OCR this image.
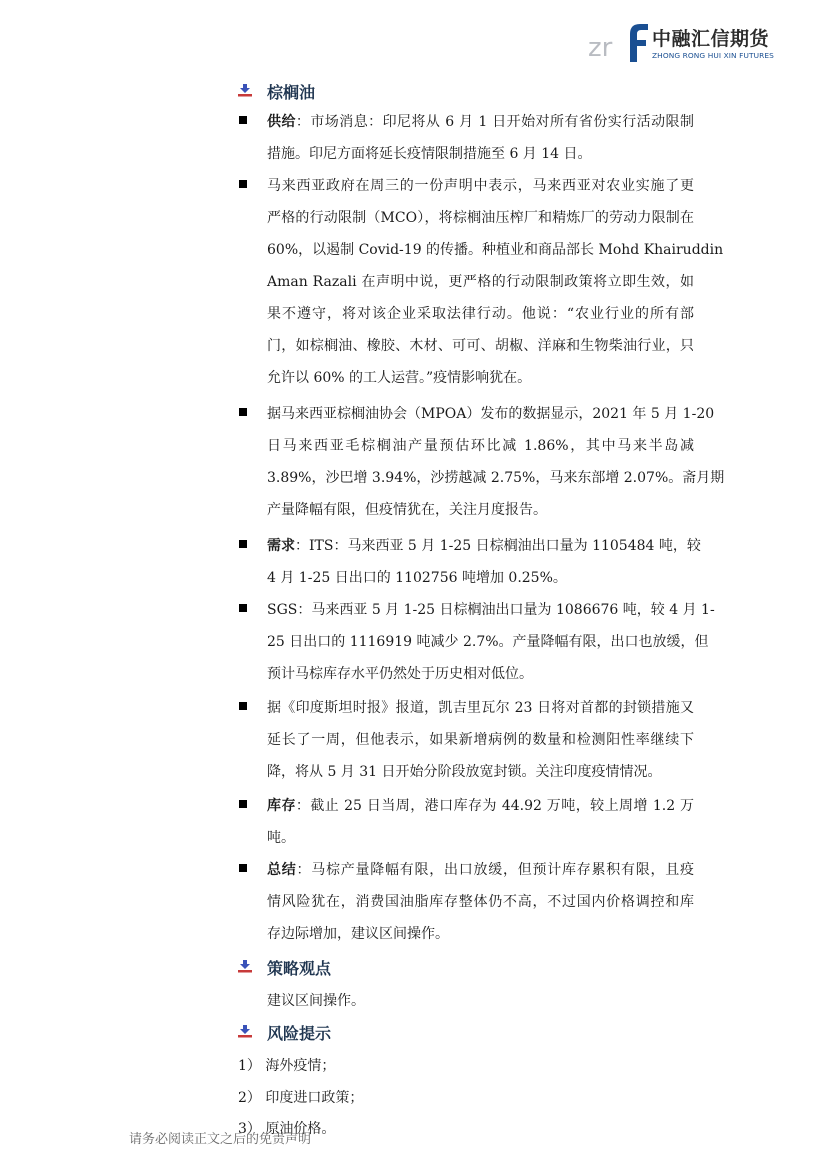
zr 中融汇信期货
ZHONG RONG HUI XIN FUTURES
棕榈油
供给：市场消息：印尼将从 6 月 1 日开始对所有省份实行活动限制
措施。印尼方面将延长疫情限制措施至 6 月 14 日。
马来西亚政府在周三的一份声明中表示，马来西亚对农业实施了更
严格的行动限制（MCO），将棕榈油压榨厂和精炼厂的劳动力限制在
60%，以遏制 Covid-19 的传播。种植业和商品部长 Mohd Khairuddin
Aman Razali 在声明中说，更严格的行动限制政策将立即生效，如
果不遵守，将对该企业采取法律行动。他说：“农业行业的所有部
门，如棕榈油、橡胶、木材、可可、胡椒、洋麻和生物柴油行业，只
允许以 60% 的工人运营。”疫情影响犹在。
据马来西亚棕榈油协会（MPOA）发布的数据显示，2021 年 5 月 1-20
日马来西亚毛棕榈油产量预估环比减 1.86%，其中马来半岛减
3.89%，沙巴增 3.94%，沙捞越减 2.75%，马来东部增 2.07%。斋月期
产量降幅有限，但疫情犹在，关注月度报告。
需求：ITS：马来西亚 5 月 1-25 日棕榈油出口量为 1105484 吨，较
4 月 1-25 日出口的 1102756 吨增加 0.25%。
SGS：马来西亚 5 月 1-25 日棕榈油出口量为 1086676 吨，较 4 月 1-
25 日出口的 1116919 吨减少 2.7%。产量降幅有限，出口也放缓，但
预计马棕库存水平仍然处于历史相对低位。
据《印度斯坦时报》报道，凯吉里瓦尔 23 日将对首都的封锁措施又
延长了一周，但他表示，如果新增病例的数量和检测阳性率继续下
降，将从 5 月 31 日开始分阶段放宽封锁。关注印度疫情情况。
库存：截止 25 日当周，港口库存为 44.92 万吨，较上周增 1.2 万
吨。
总结：马棕产量降幅有限，出口放缓，但预计库存累积有限，且疫
情风险犹在，消费国油脂库存整体仍不高，不过国内价格调控和库
存边际增加，建议区间操作。
策略观点
建议区间操作。
风险提示
1） 海外疫情；
2） 印度进口政策；
3） 原油价格。
请务必阅读正文之后的免责声明
